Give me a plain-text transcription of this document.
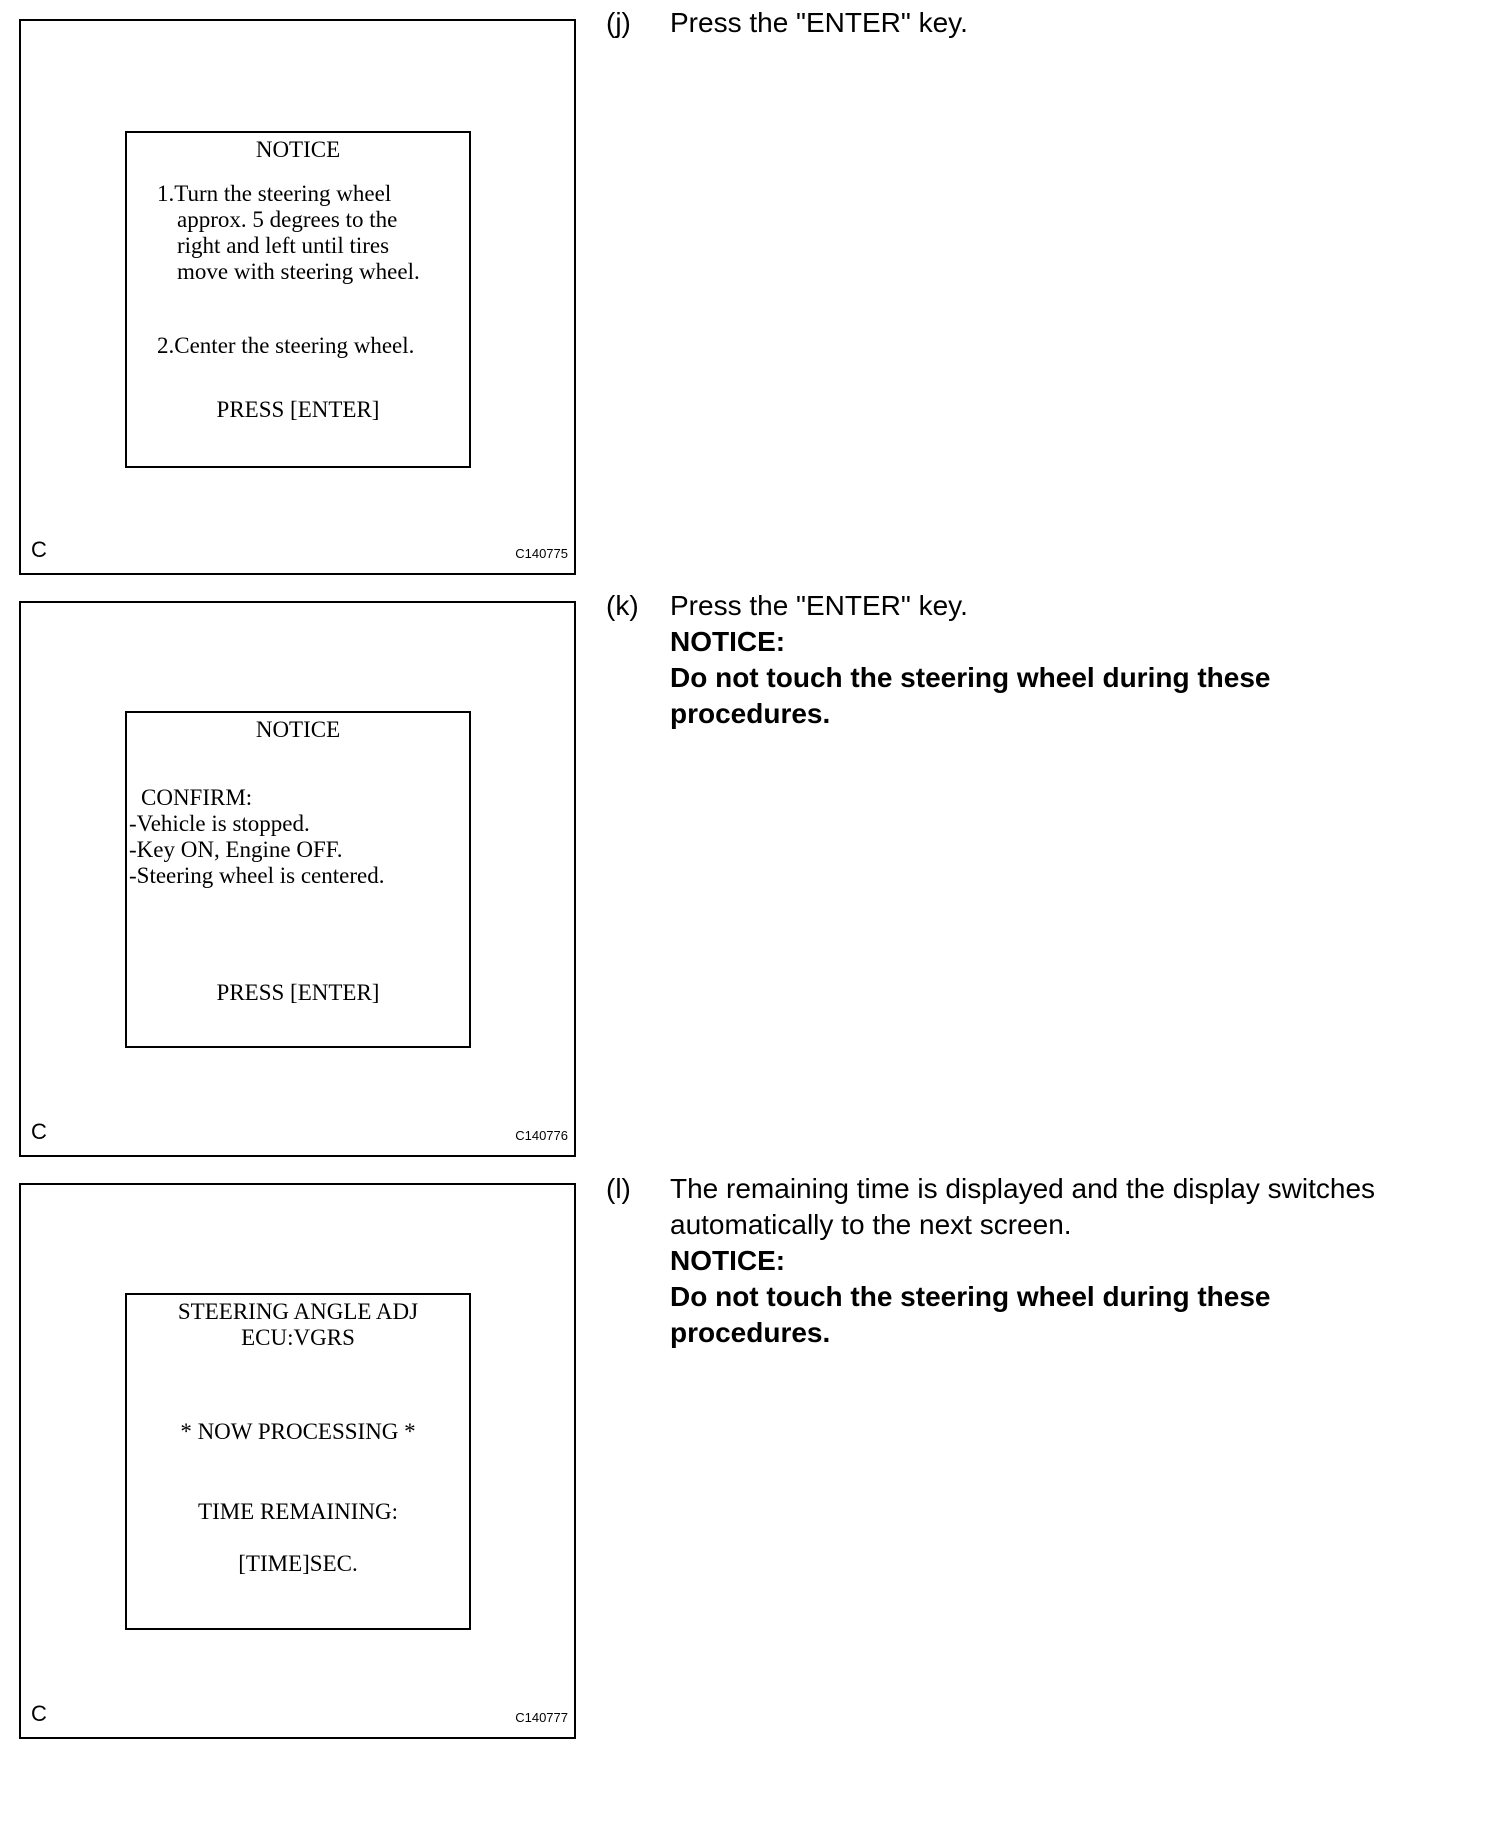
NOTICE
1.Turn the steering wheel
approx. 5 degrees to the
right and left until tires
move with steering wheel.
2.Center the steering wheel.
PRESS [ENTER]
C	C140775
NOTICE
CONFIRM:
-Vehicle is stopped.
-Key ON, Engine OFF.
-Steering wheel is centered.
PRESS [ENTER]
C	C140776
STEERING ANGLE ADJ
ECU:VGRS
* NOW PROCESSING *
TIME REMAINING:
[TIME]SEC.
C	C140777
(j) Press the "ENTER" key.
(k) Press the "ENTER" key.
NOTICE:
Do not touch the steering wheel during these
procedures.
(l) The remaining time is displayed and the display switches
automatically to the next screen.
NOTICE:
Do not touch the steering wheel during these
procedures.
